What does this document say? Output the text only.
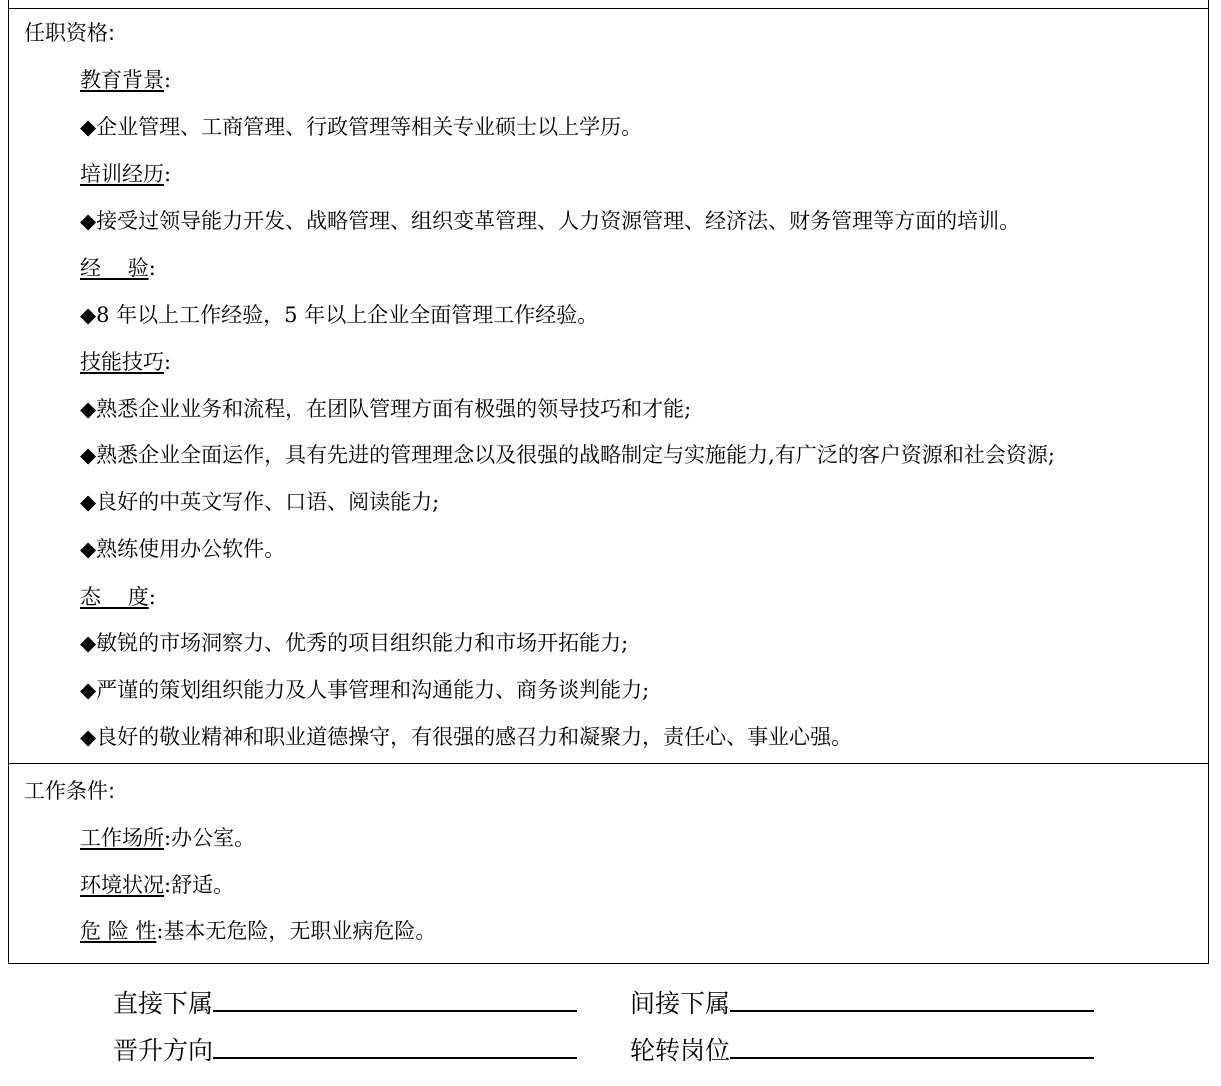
任职资格:
教育背景:
◆企业管理、工商管理、行政管理等相关专业硕士以上学历。
培训经历:
◆接受过领导能力开发、战略管理、组织变革管理、人力资源管理、经济法、财务管理等方面的培训。
经    验:
◆8 年以上工作经验，5 年以上企业全面管理工作经验。
技能技巧:
◆熟悉企业业务和流程，在团队管理方面有极强的领导技巧和才能;
◆熟悉企业全面运作，具有先进的管理理念以及很强的战略制定与实施能力,有广泛的客户资源和社会资源;
◆良好的中英文写作、口语、阅读能力;
◆熟练使用办公软件。
态    度:
◆敏锐的市场洞察力、优秀的项目组织能力和市场开拓能力;
◆严谨的策划组织能力及人事管理和沟通能力、商务谈判能力;
◆良好的敬业精神和职业道德操守，有很强的感召力和凝聚力，责任心、事业心强。
工作条件:
工作场所:办公室。
环境状况:舒适。
危 险 性:基本无危险，无职业病危险。
直接下属	间接下属
晋升方向	轮转岗位
